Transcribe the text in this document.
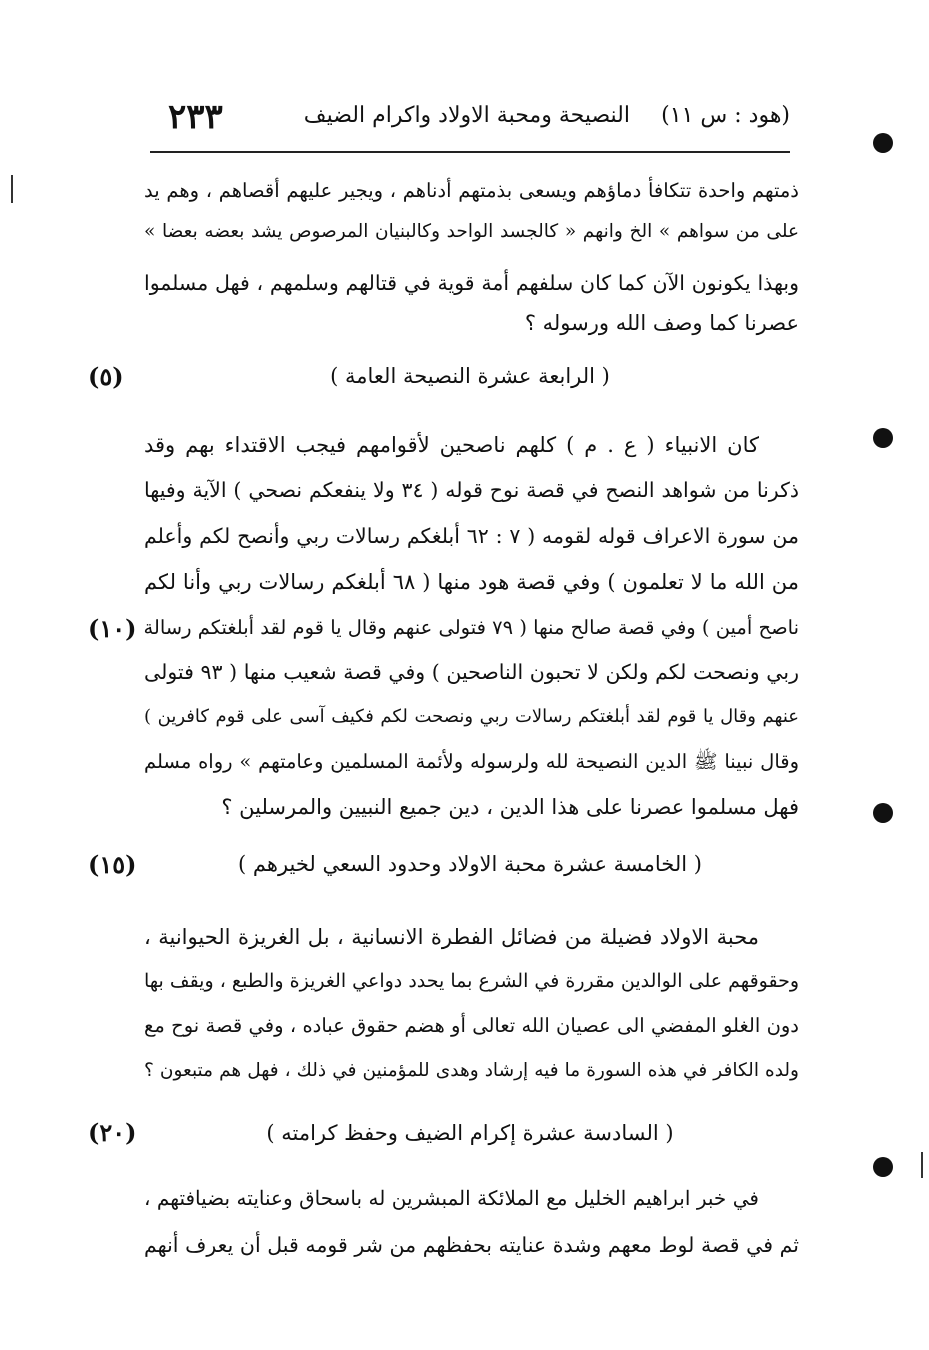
(هود : س ١١)
النصيحة ومحبة الاولاد واكرام الضيف
٢٣٣
ذمتهم واحدة تتكافأ دماؤهم ويسعى بذمتهم أدناهم ، ويجير عليهم أقصاهم ، وهم يد
على من سواهم » الخ وانهم « كالجسد الواحد وكالبنيان المرصوص يشد بعضه بعضا »
وبهذا يكونون الآن كما كان سلفهم أمة قوية في قتالهم وسلمهم ، فهل مسلموا
عصرنا كما وصف الله ورسوله ؟
( الرابعة عشرة النصيحة العامة )
(٥)
كان الانبياء ( ع . م ) كلهم ناصحين لأقوامهم فيجب الاقتداء بهم وقد
ذكرنا من شواهد النصح في قصة نوح قوله ( ٣٤ ولا ينفعكم نصحي ) الآية وفيها
من سورة الاعراف قوله لقومه ( ٧ : ٦٢ أبلغكم رسالات ربي وأنصح لكم وأعلم
من الله ما لا تعلمون ) وفي قصة هود منها ( ٦٨ أبلغكم رسالات ربي وأنا لكم
ناصح أمين ) وفي قصة صالح منها ( ٧٩ فتولى عنهم وقال يا قوم لقد أبلغتكم رسالة
(١٠)
ربي ونصحت لكم ولكن لا تحبون الناصحين ) وفي قصة شعيب منها ( ٩٣ فتولى
عنهم وقال يا قوم لقد أبلغتكم رسالات ربي ونصحت لكم فكيف آسى على قوم كافرين )
وقال نبينا ﷺ الدين النصيحة لله ولرسوله ولأئمة المسلمين وعامتهم » رواه مسلم
فهل مسلموا عصرنا على هذا الدين ، دين جميع النبيين والمرسلين ؟
( الخامسة عشرة محبة الاولاد وحدود السعي لخيرهم )
(١٥)
محبة الاولاد فضيلة من فضائل الفطرة الانسانية ، بل الغريزة الحيوانية ،
وحقوقهم على الوالدين مقررة في الشرع بما يحدد دواعي الغريزة والطبع ، ويقف بها
دون الغلو المفضي الى عصيان الله تعالى أو هضم حقوق عباده ، وفي قصة نوح مع
ولده الكافر في هذه السورة ما فيه إرشاد وهدى للمؤمنين في ذلك ، فهل هم متبعون ؟
( السادسة عشرة إكرام الضيف وحفظ كرامته )
(٢٠)
في خبر ابراهيم الخليل مع الملائكة المبشرين له باسحاق وعنايته بضيافتهم ،
ثم في قصة لوط معهم وشدة عنايته بحفظهم من شر قومه قبل أن يعرف أنهم
